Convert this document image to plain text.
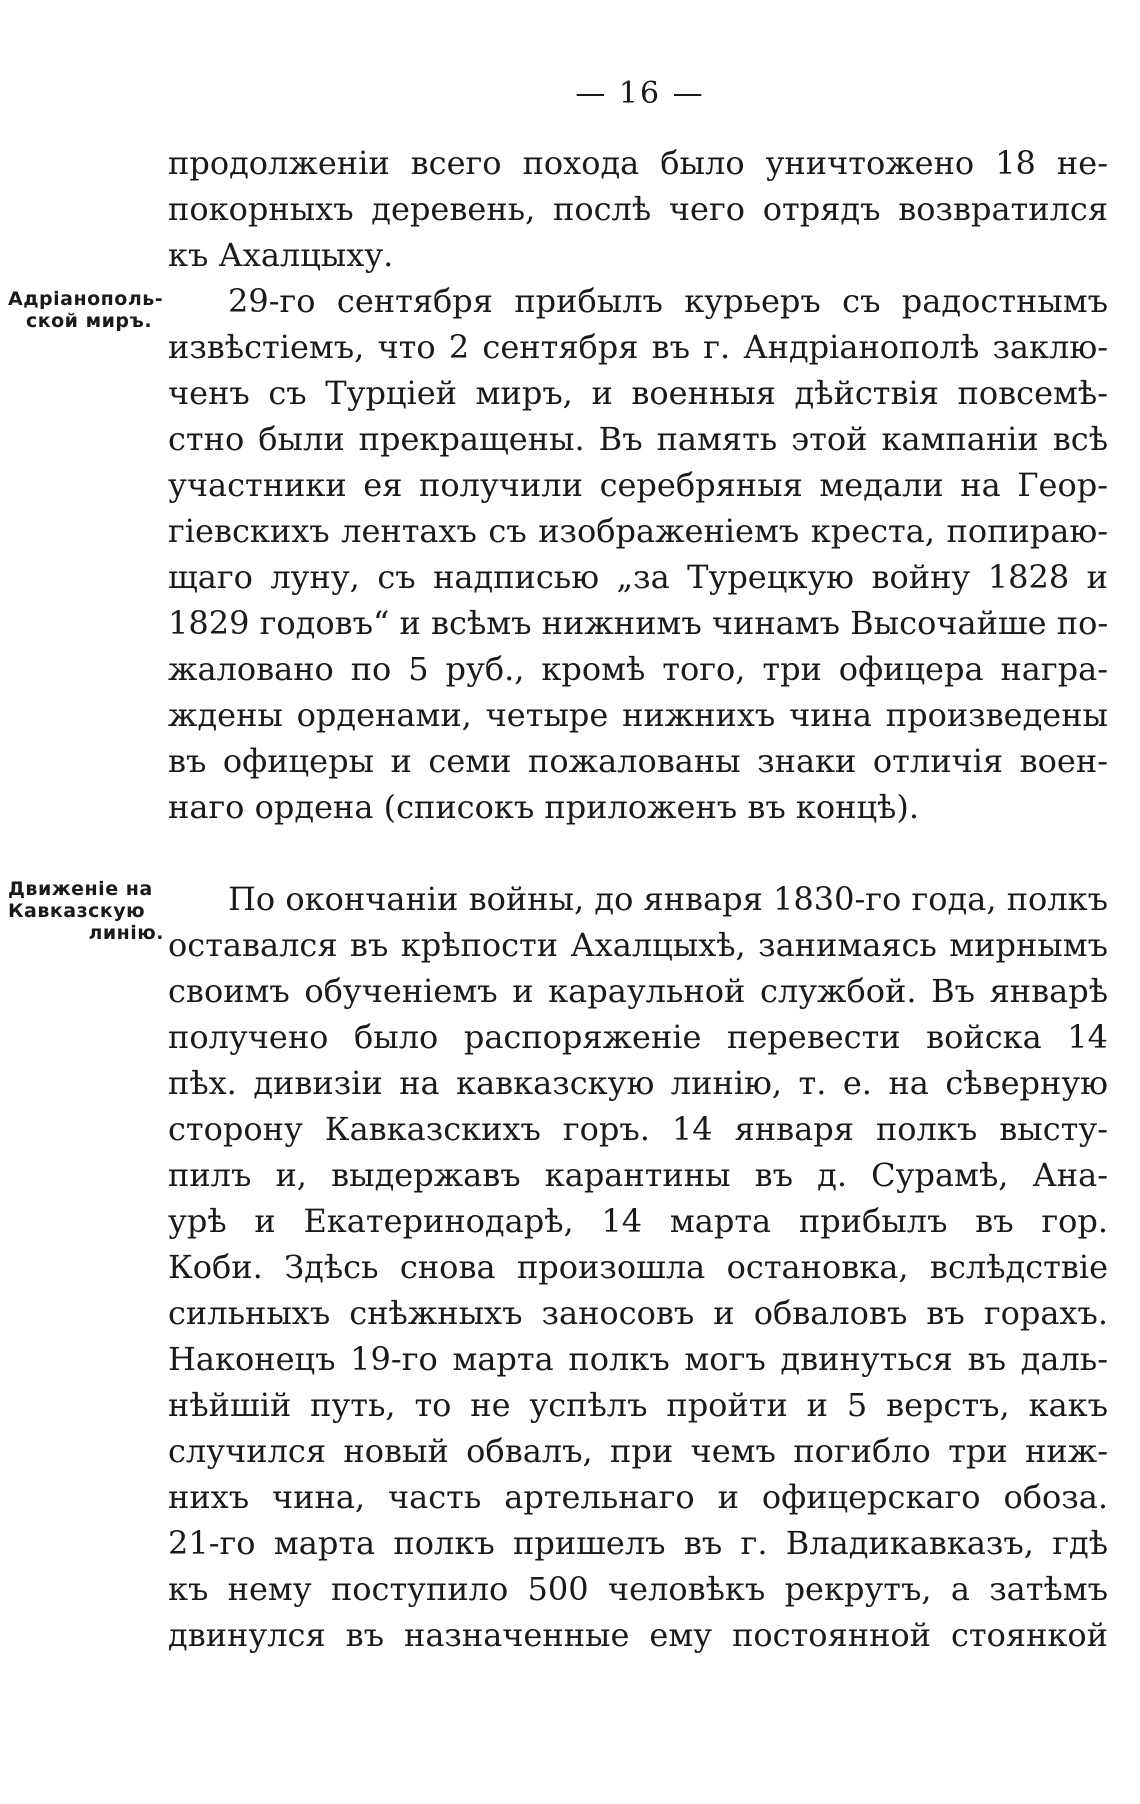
— 16 —
продолженіи всего похода было уничтожено 18 не-
покорныхъ деревень, послѣ чего отрядъ возвратился
къ Ахалцыху.
Адріанополь-
ской миръ.
29-го сентября прибылъ курьеръ съ радостнымъ
извѣстіемъ, что 2 сентября въ г. Андріанополѣ заклю-
ченъ съ Турціей миръ, и военныя дѣйствія повсемѣ-
стно были прекращены. Въ память этой кампаніи всѣ
участники ея получили серебряныя медали на Геор-
гіевскихъ лентахъ съ изображеніемъ креста, попираю-
щаго луну, съ надписью „за Турецкую войну 1828 и
1829 годовъ“ и всѣмъ нижнимъ чинамъ Высочайше по-
жаловано по 5 руб., кромѣ того, три офицера награ-
ждены орденами, четыре нижнихъ чина произведены
въ офицеры и семи пожалованы знаки отличія воен-
наго ордена (списокъ приложенъ въ концѣ).
Движеніе на
Кавказскую
линію.
По окончаніи войны, до января 1830-го года, полкъ
оставался въ крѣпости Ахалцыхѣ, занимаясь мирнымъ
своимъ обученіемъ и караульной службой. Въ январѣ
получено было распоряженіе перевести войска 14
пѣх. дивизіи на кавказскую линію, т. е. на сѣверную
сторону Кавказскихъ горъ. 14 января полкъ высту-
пилъ и, выдержавъ карантины въ д. Сурамѣ, Ана-
урѣ и Екатеринодарѣ, 14 марта прибылъ въ гор.
Коби. Здѣсь снова произошла остановка, вслѣдствіе
сильныхъ снѣжныхъ заносовъ и обваловъ въ горахъ.
Наконецъ 19-го марта полкъ могъ двинуться въ даль-
нѣйшій путь, то не успѣлъ пройти и 5 верстъ, какъ
случился новый обвалъ, при чемъ погибло три ниж-
нихъ чина, часть артельнаго и офицерскаго обоза.
21-го марта полкъ пришелъ въ г. Владикавказъ, гдѣ
къ нему поступило 500 человѣкъ рекрутъ, а затѣмъ
двинулся въ назначенные ему постоянной стоянкой
